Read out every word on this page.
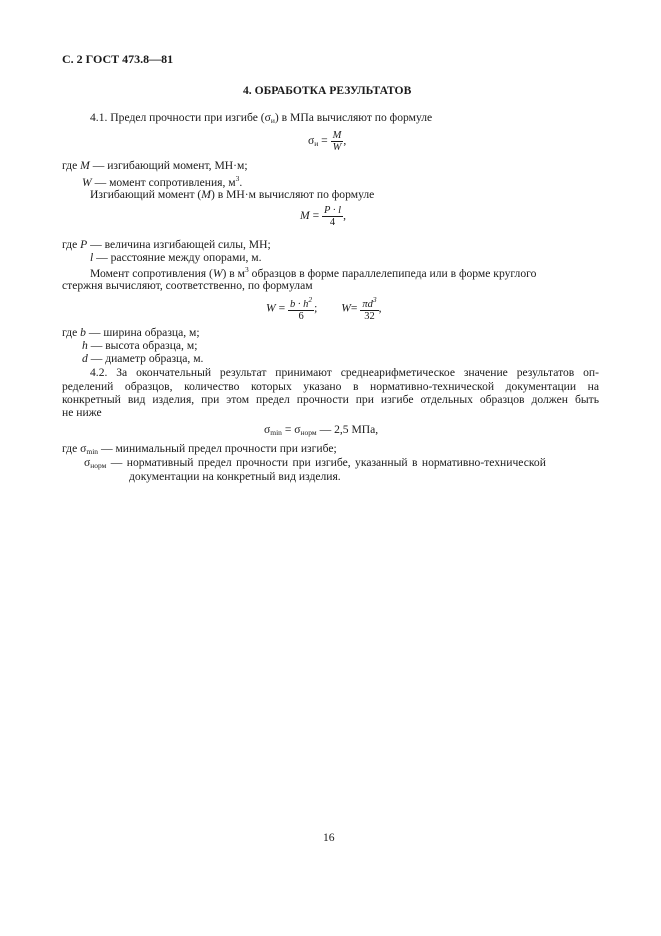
С. 2 ГОСТ 473.8—81
4. ОБРАБОТКА РЕЗУЛЬТАТОВ
4.1. Предел прочности при изгибе $(\sigma_и)$ в МПа вычисляют по формуле
$\sigma_и = \frac{M}{W}$ ,
где M — изгибающий момент, МН·м;
W — момент сопротивления, $м^3$.
Изгибающий момент (M) в МН·м вычисляют по формуле
$M = \frac{P \cdot l}{4}$ ,
где P — величина изгибающей силы, МН;
l — расстояние между опорами, м.
Момент сопротивления (W) в $м^3$ образцов в форме параллелепипеда или в форме круглого
стержня вычисляют, соответственно, по формулам
$W = \frac{b \cdot h^2}{6}$ ; $W= \frac{\pi d^3}{32}$ ,
где b — ширина образца, м;
h — высота образца, м;
d — диаметр образца, м.
4.2. За окончательный результат принимают среднеарифметическое значение результатов оп-
ределений образцов, количество которых указано в нормативно-технической документации на
конкретный вид изделия, при этом предел прочности при изгибе отдельных образцов должен быть
не ниже
$\sigma_{min} = \sigma_{норм}$ — 2,5 МПа,
где $\sigma_{min}$ — минимальный предел прочности при изгибе;
$\sigma_{норм}$ — нормативный предел прочности при изгибе, указанный в нормативно-технической
документации на конкретный вид изделия.
16
